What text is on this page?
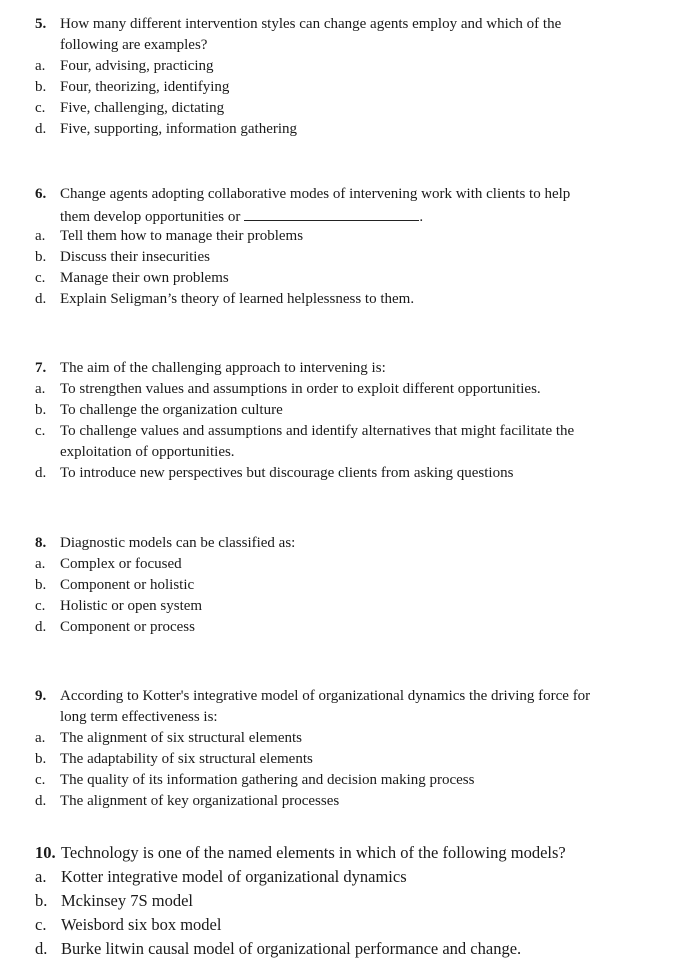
5. How many different intervention styles can change agents employ and which of the
following are examples?
a. Four, advising, practicing
b. Four, theorizing, identifying
c. Five, challenging, dictating
d. Five, supporting, information gathering
6. Change agents adopting collaborative modes of intervening work with clients to help
them develop opportunities or	.
a. Tell them how to manage their problems
b. Discuss their insecurities
c. Manage their own problems
d. Explain Seligman’s theory of learned helplessness to them.
7. The aim of the challenging approach to intervening is:
a. To strengthen values and assumptions in order to exploit different opportunities.
b. To challenge the organization culture
c. To challenge values and assumptions and identify alternatives that might facilitate the
exploitation of opportunities.
d. To introduce new perspectives but discourage clients from asking questions
8. Diagnostic models can be classified as:
a. Complex or focused
b. Component or holistic
c. Holistic or open system
d. Component or process
9. According to Kotter's integrative model of organizational dynamics the driving force for
long term effectiveness is:
a. The alignment of six structural elements
b. The adaptability of six structural elements
c. The quality of its information gathering and decision making process
d. The alignment of key organizational processes
10. Technology is one of the named elements in which of the following models?
a. Kotter integrative model of organizational dynamics
b. Mckinsey 7S model
c. Weisbord six box model
d. Burke litwin causal model of organizational performance and change.
